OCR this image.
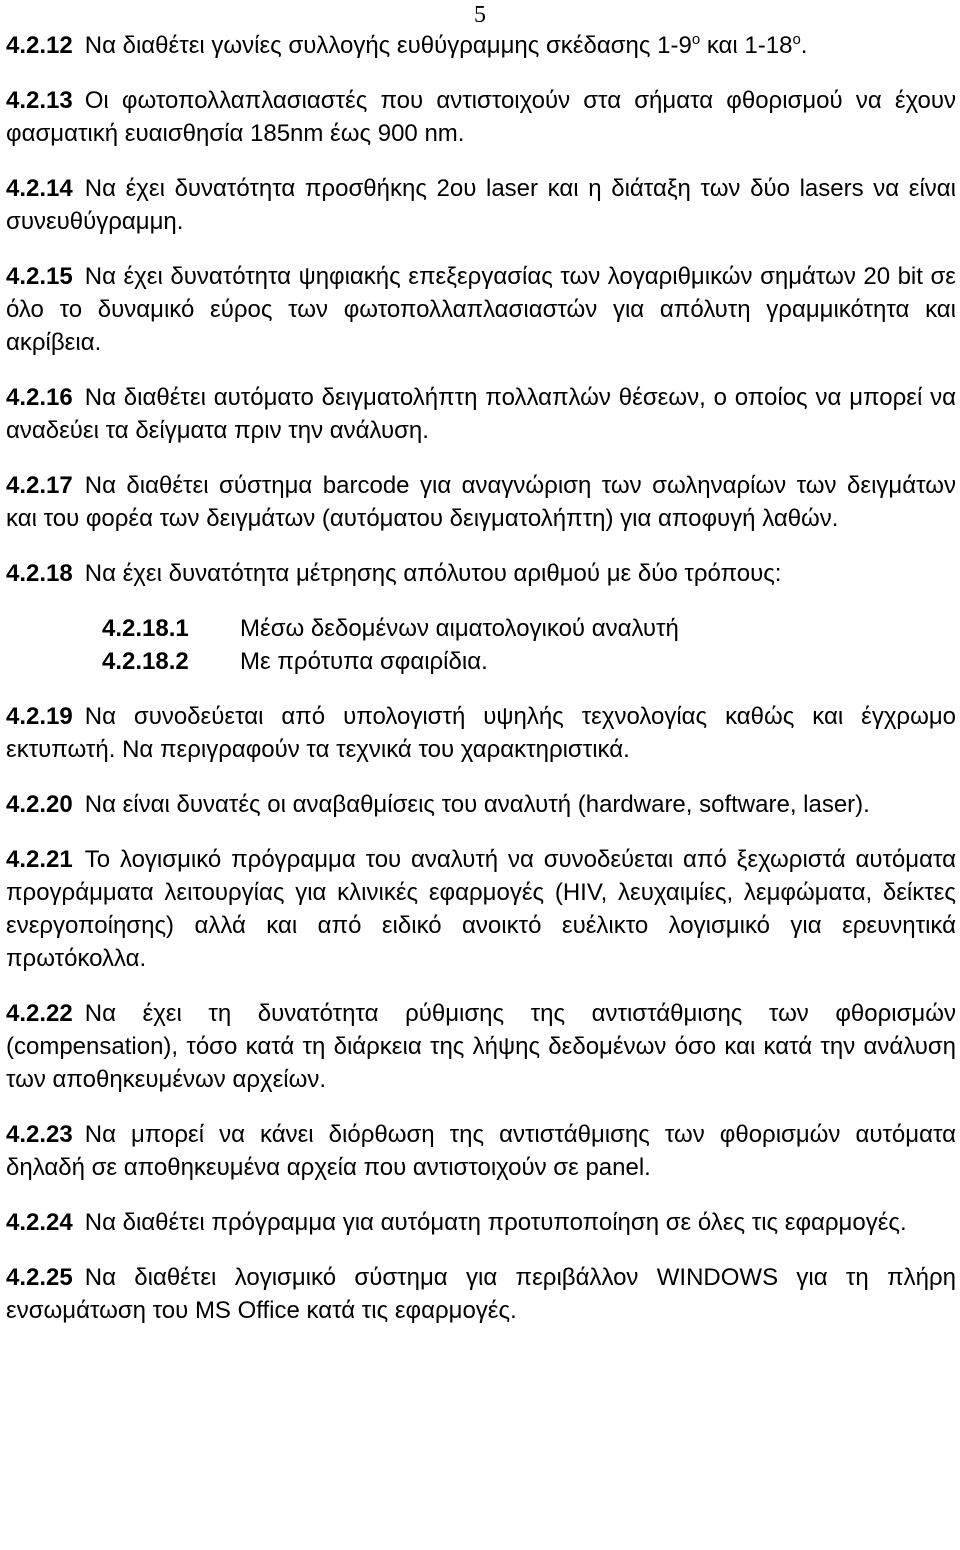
5

4.2.12 Να διαθέτει γωνίες συλλογής ευθύγραμμης σκέδασης $1-9^o$ και $1-18^o$.

4.2.13 Οι φωτοπολλαπλασιαστές που αντιστοιχούν στα σήματα φθορισμού να έχουν φασματική ευαισθησία 185nm έως 900 nm.

4.2.14 Να έχει δυνατότητα προσθήκης 2ου laser και η διάταξη των δύο lasers να είναι συνευθύγραμμη.

4.2.15 Να έχει δυνατότητα ψηφιακής επεξεργασίας των λογαριθμικών σημάτων 20 bit σε όλο το δυναμικό εύρος των φωτοπολλαπλασιαστών για απόλυτη γραμμικότητα και ακρίβεια.

4.2.16 Να διαθέτει αυτόματο δειγματολήπτη πολλαπλών θέσεων, ο οποίος να μπορεί να αναδεύει τα δείγματα πριν την ανάλυση.

4.2.17 Να διαθέτει σύστημα barcode για αναγνώριση των σωληναρίων των δειγμάτων και του φορέα των δειγμάτων (αυτόματου δειγματολήπτη) για αποφυγή λαθών.

4.2.18 Να έχει δυνατότητα μέτρησης απόλυτου αριθμού με δύο τρόπους:

4.2.18.1	Μέσω δεδομένων αιματολογικού αναλυτή
4.2.18.2	Με πρότυπα σφαιρίδια.

4.2.19 Να συνοδεύεται από υπολογιστή υψηλής τεχνολογίας καθώς και έγχρωμο εκτυπωτή. Να περιγραφούν τα τεχνικά του χαρακτηριστικά.

4.2.20 Να είναι δυνατές οι αναβαθμίσεις του αναλυτή (hardware, software, laser).

4.2.21 Το λογισμικό πρόγραμμα του αναλυτή να συνοδεύεται από ξεχωριστά αυτόματα προγράμματα λειτουργίας για κλινικές εφαρμογές (HIV, λευχαιμίες, λεμφώματα, δείκτες ενεργοποίησης) αλλά και από ειδικό ανοικτό ευέλικτο λογισμικό για ερευνητικά πρωτόκολλα.

4.2.22 Να έχει τη δυνατότητα ρύθμισης της αντιστάθμισης των φθορισμών (compensation), τόσο κατά τη διάρκεια της λήψης δεδομένων όσο και κατά την ανάλυση των αποθηκευμένων αρχείων.

4.2.23 Να μπορεί να κάνει διόρθωση της αντιστάθμισης των φθορισμών αυτόματα δηλαδή σε αποθηκευμένα αρχεία που αντιστοιχούν σε panel.

4.2.24 Να διαθέτει πρόγραμμα για αυτόματη προτυποποίηση σε όλες τις εφαρμογές.

4.2.25 Να διαθέτει λογισμικό σύστημα για περιβάλλον WINDOWS για τη πλήρη ενσωμάτωση του MS Office κατά τις εφαρμογές.
